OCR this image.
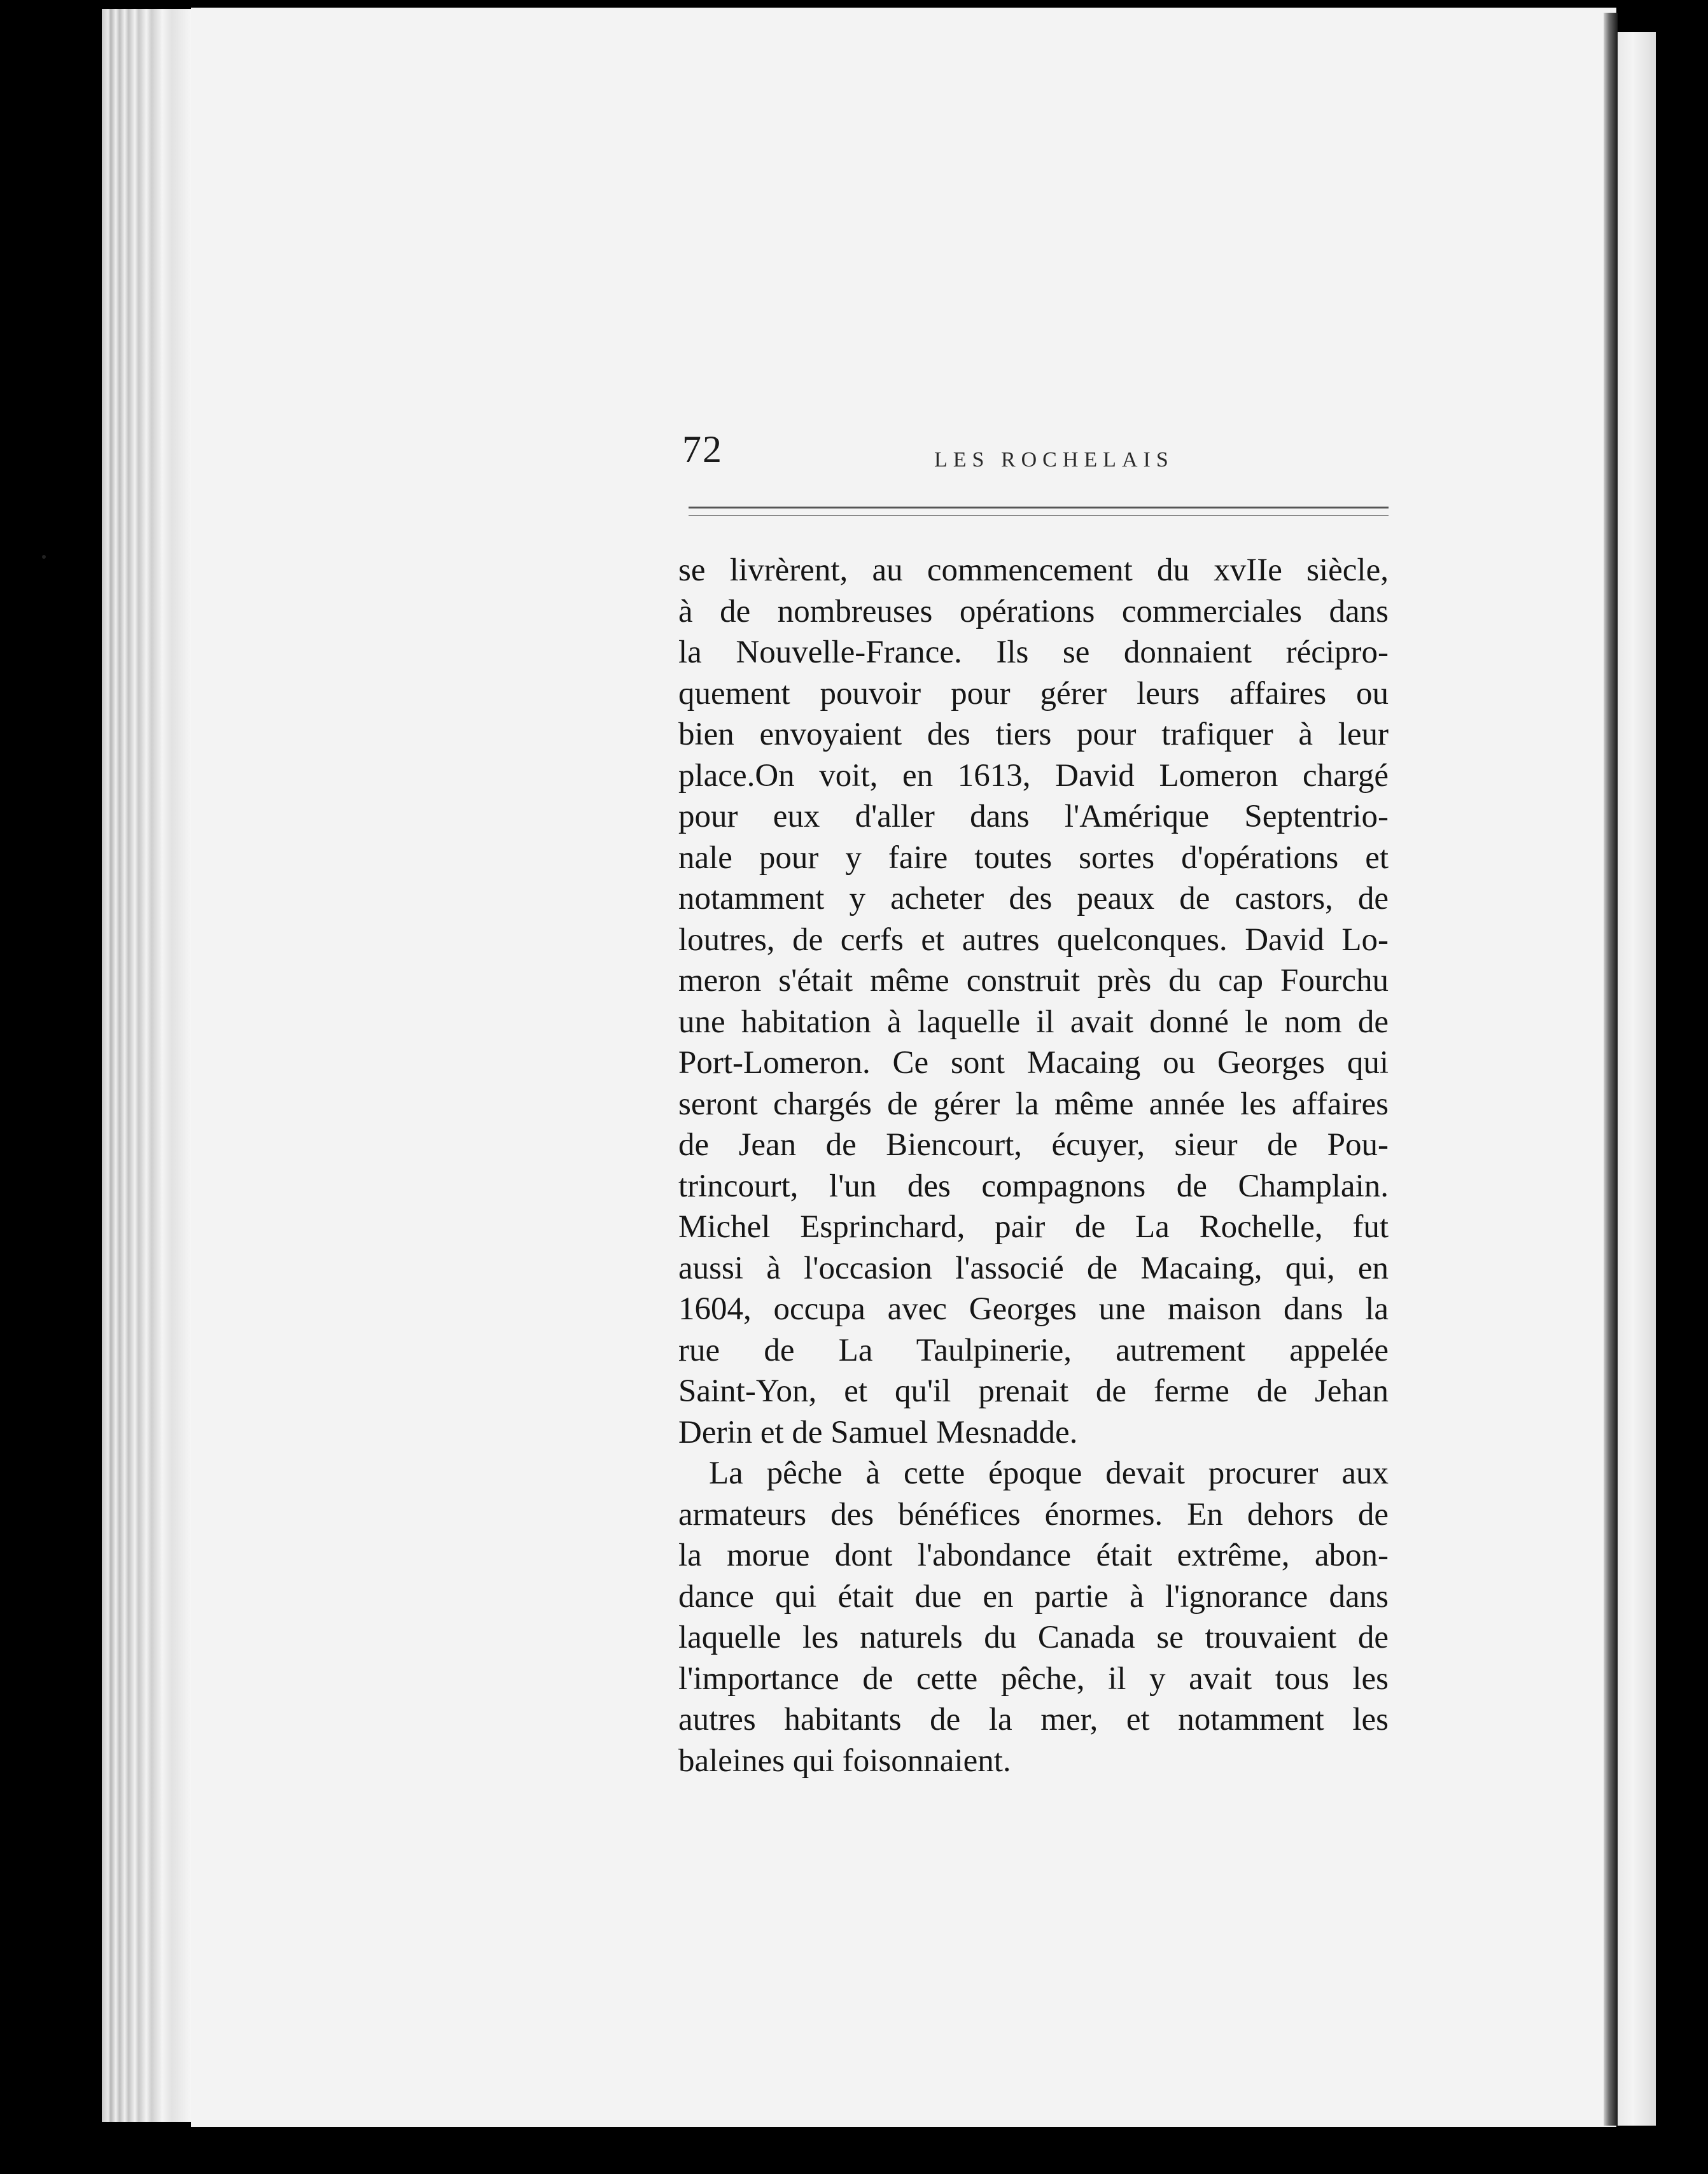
72	LES ROCHELAIS
se livrèrent, au commencement du xvIIe siècle,
à de nombreuses opérations commerciales dans
la Nouvelle-France. Ils se donnaient récipro-
quement pouvoir pour gérer leurs affaires ou
bien envoyaient des tiers pour trafiquer à leur
place.On voit, en 1613, David Lomeron chargé
pour eux d'aller dans l'Amérique Septentrio-
nale pour y faire toutes sortes d'opérations et
notamment y acheter des peaux de castors, de
loutres, de cerfs et autres quelconques. David Lo-
meron s'était même construit près du cap Fourchu
une habitation à laquelle il avait donné le nom de
Port-Lomeron. Ce sont Macaing ou Georges qui
seront chargés de gérer la même année les affaires
de Jean de Biencourt, écuyer, sieur de Pou-
trincourt, l'un des compagnons de Champlain.
Michel Esprinchard, pair de La Rochelle, fut
aussi à l'occasion l'associé de Macaing, qui, en
1604, occupa avec Georges une maison dans la
rue de La Taulpinerie, autrement appelée
Saint-Yon, et qu'il prenait de ferme de Jehan
Derin et de Samuel Mesnadde.
La pêche à cette époque devait procurer aux
armateurs des bénéfices énormes. En dehors de
la morue dont l'abondance était extrême, abon-
dance qui était due en partie à l'ignorance dans
laquelle les naturels du Canada se trouvaient de
l'importance de cette pêche, il y avait tous les
autres habitants de la mer, et notamment les
baleines qui foisonnaient.
